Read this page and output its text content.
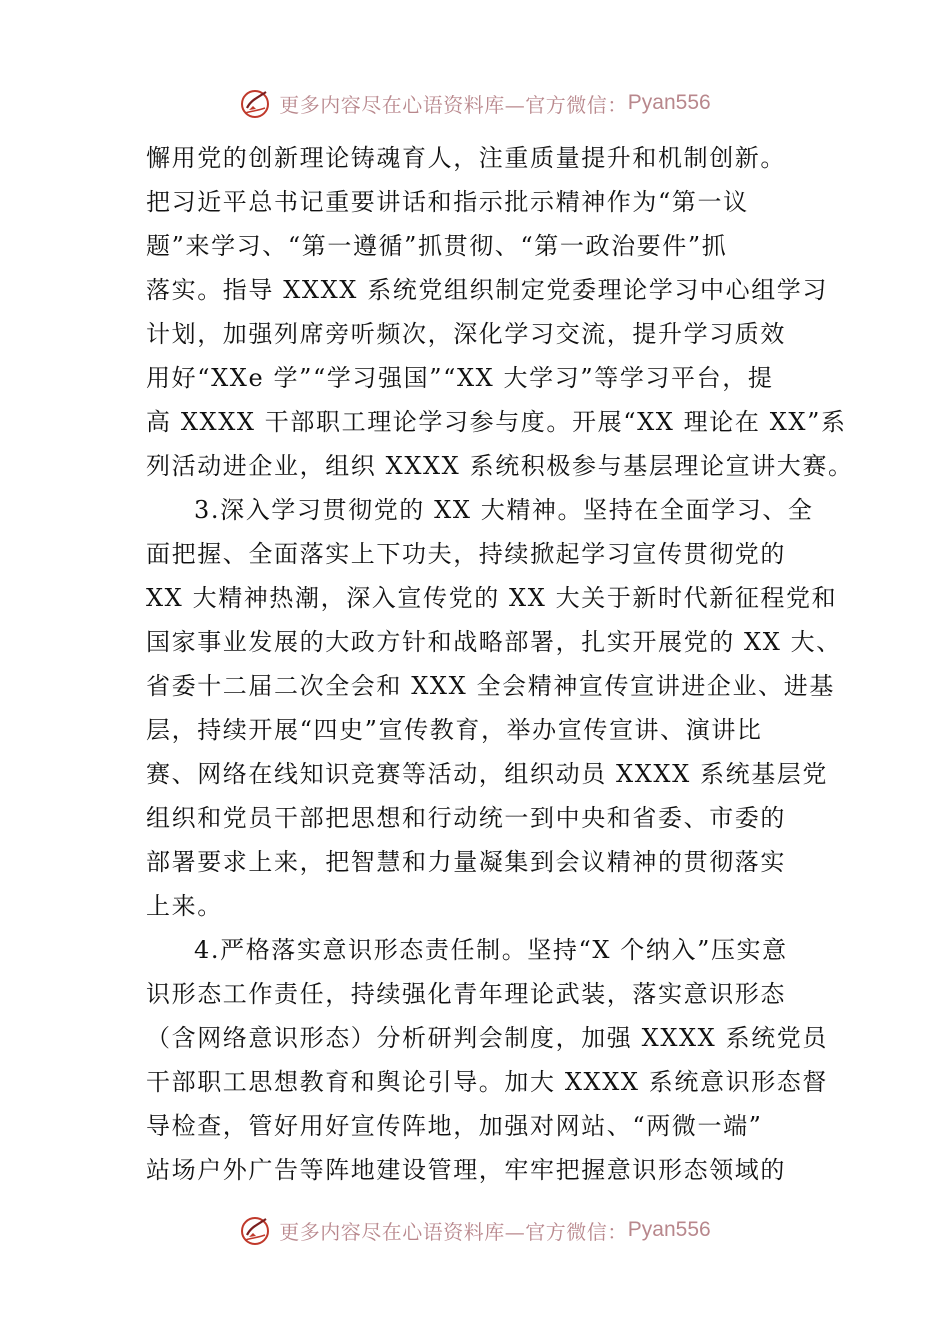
更多内容尽在心语资料库—官方微信： Pyan556
懈用党的创新理论铸魂育人，注重质量提升和机制创新。
把习近平总书记重要讲话和指示批示精神作为“第一议
题”来学习、“第一遵循”抓贯彻、“第一政治要件”抓
落实。指导 XXXX 系统党组织制定党委理论学习中心组学习
计划，加强列席旁听频次，深化学习交流，提升学习质效
用好“XXe 学”“学习强国”“XX 大学习”等学习平台，提
高 XXXX 干部职工理论学习参与度。开展“XX 理论在 XX”系
列活动进企业，组织 XXXX 系统积极参与基层理论宣讲大赛。
3.深入学习贯彻党的 XX 大精神。坚持在全面学习、全
面把握、全面落实上下功夫，持续掀起学习宣传贯彻党的
XX 大精神热潮，深入宣传党的 XX 大关于新时代新征程党和
国家事业发展的大政方针和战略部署，扎实开展党的 XX 大、
省委十二届二次全会和 XXX 全会精神宣传宣讲进企业、进基
层，持续开展“四史”宣传教育，举办宣传宣讲、演讲比
赛、网络在线知识竞赛等活动，组织动员 XXXX 系统基层党
组织和党员干部把思想和行动统一到中央和省委、市委的
部署要求上来，把智慧和力量凝集到会议精神的贯彻落实
上来。
4.严格落实意识形态责任制。坚持“X 个纳入”压实意
识形态工作责任，持续强化青年理论武装，落实意识形态
（含网络意识形态）分析研判会制度，加强 XXXX 系统党员
干部职工思想教育和舆论引导。加大 XXXX 系统意识形态督
导检查，管好用好宣传阵地，加强对网站、“两微一端”
站场户外广告等阵地建设管理，牢牢把握意识形态领域的
更多内容尽在心语资料库—官方微信： Pyan556
